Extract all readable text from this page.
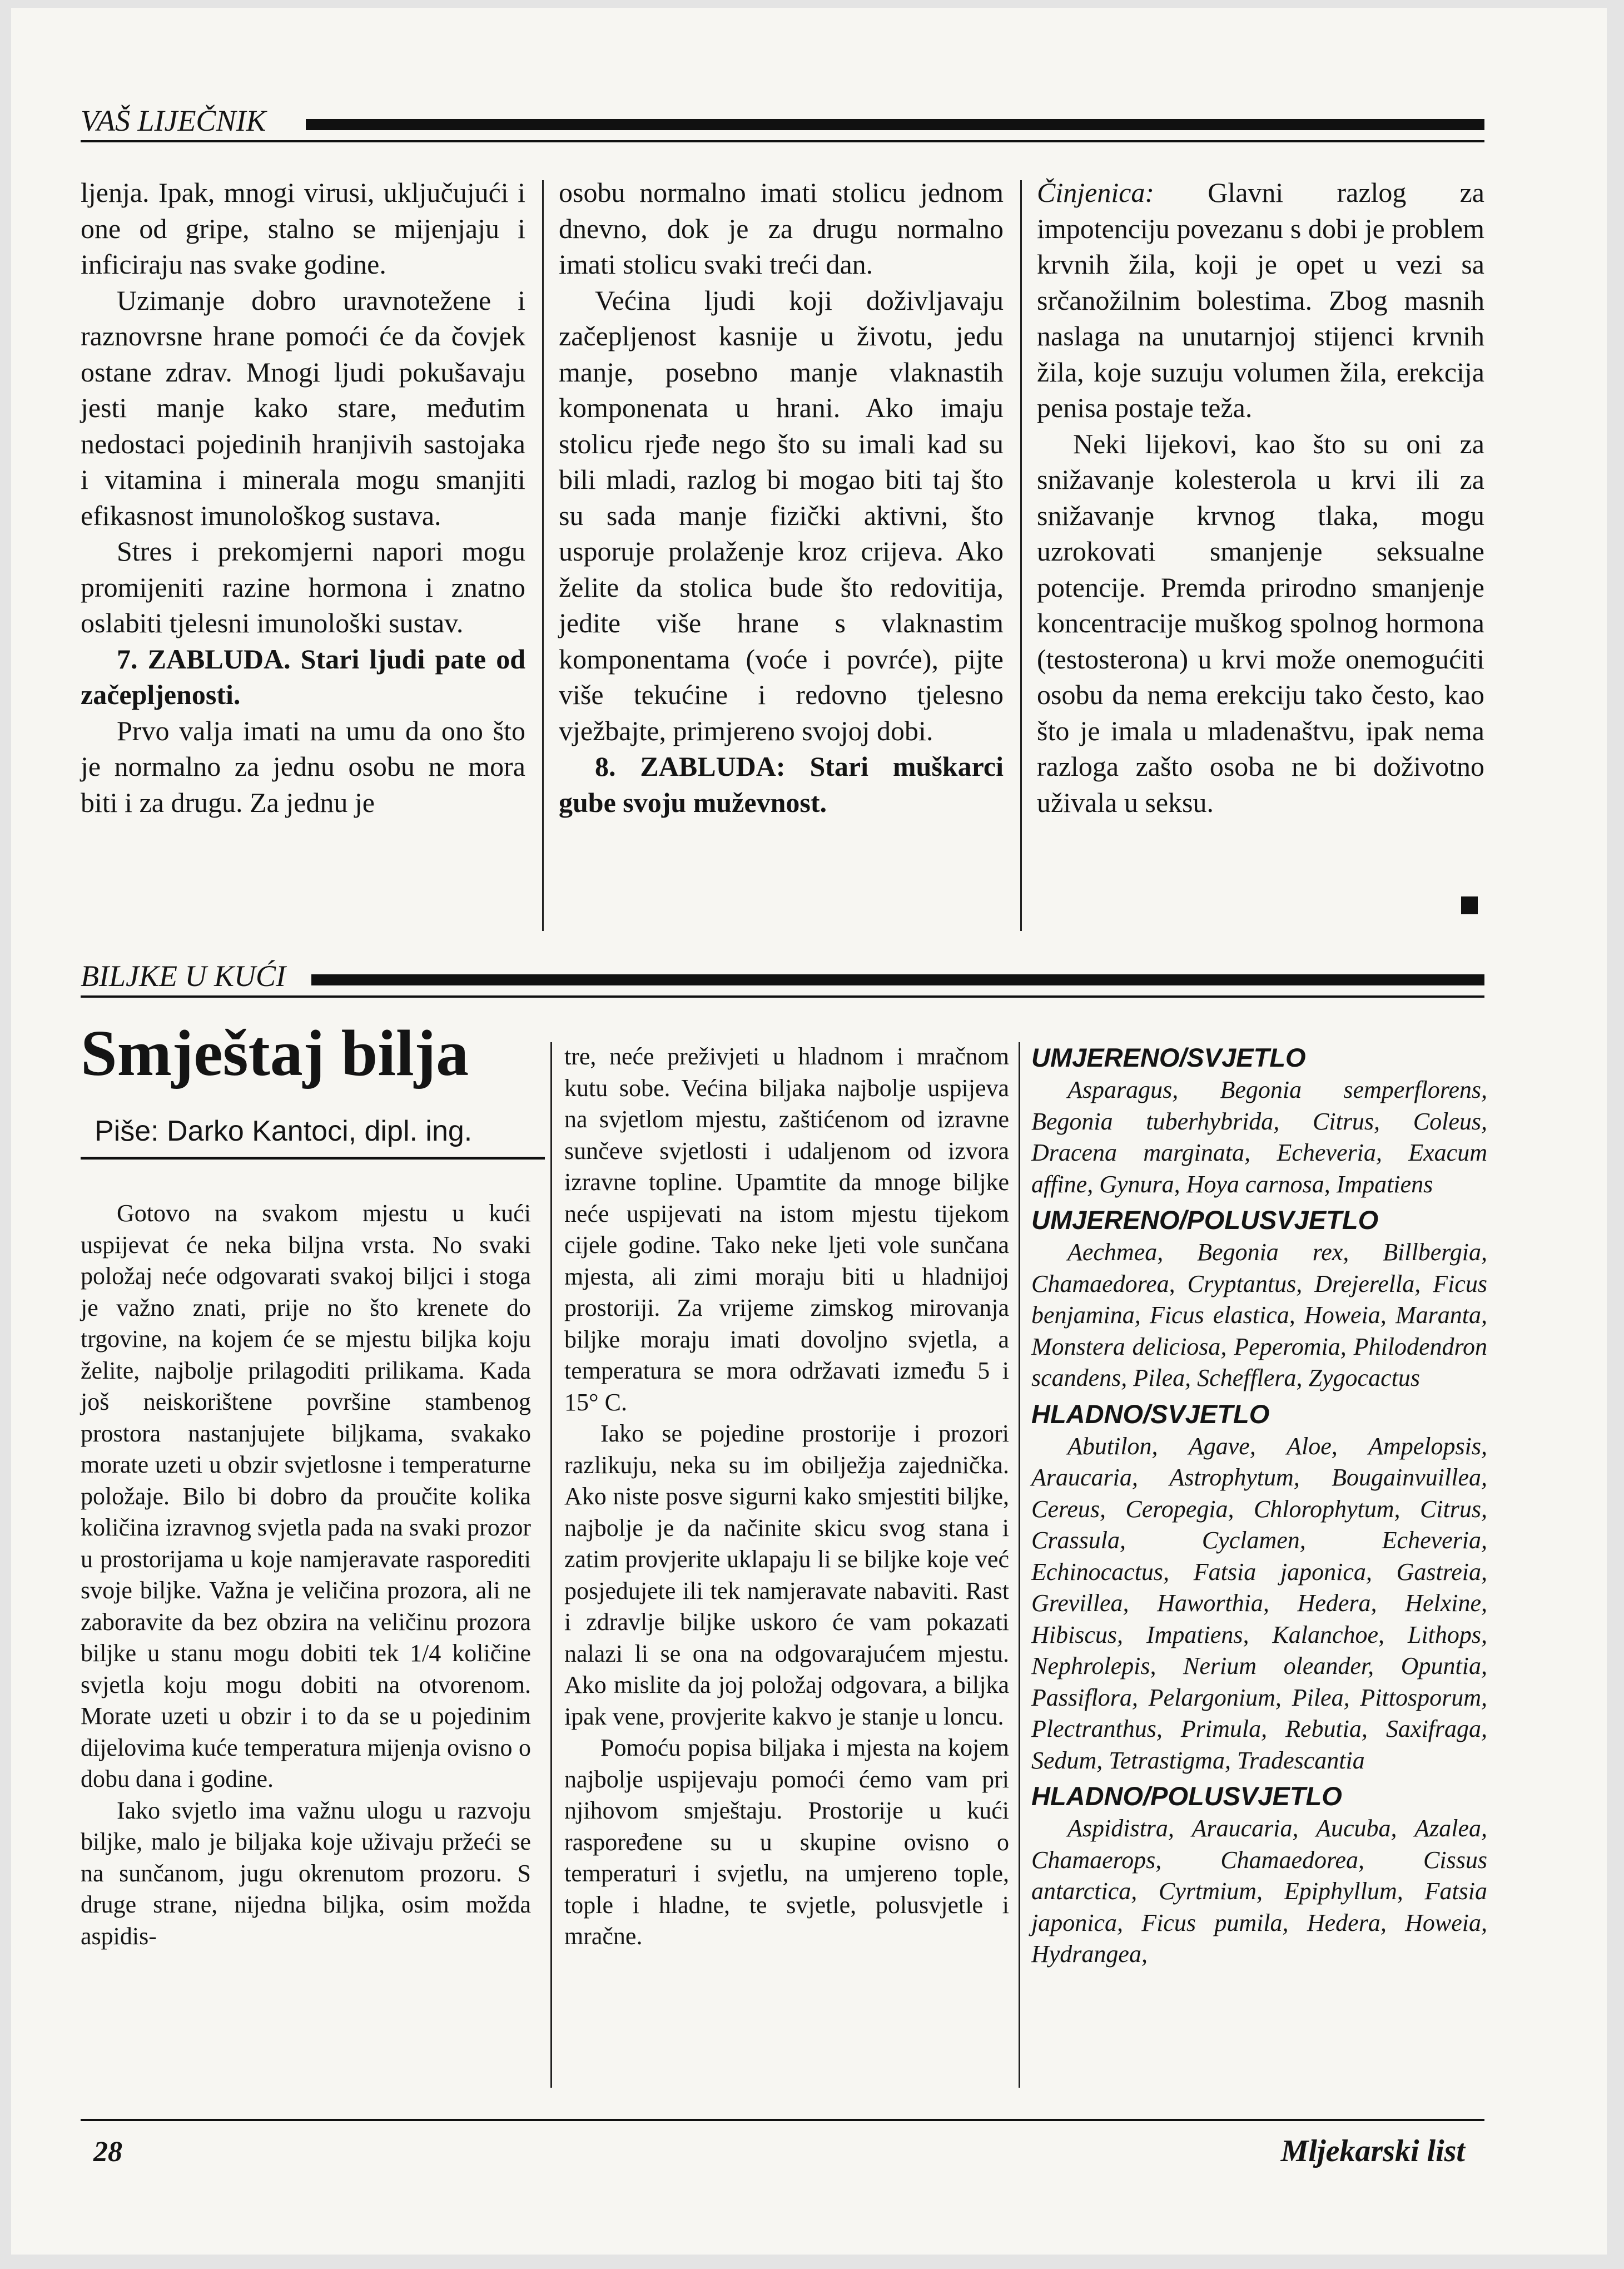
VAŠ LIJEČNIK

ljenja. Ipak, mnogi virusi, uključujući i one od gripe, stalno se mijenjaju i inficiraju nas svake godine.

Uzimanje dobro uravnotežene i raznovrsne hrane pomoći će da čovjek ostane zdrav. Mnogi ljudi pokušavaju jesti manje kako stare, međutim nedostaci pojedinih hranjivih sastojaka i vitamina i minerala mogu smanjiti efikasnost imunološkog sustava.

Stres i prekomjerni napori mogu promijeniti razine hormona i znatno oslabiti tjelesni imunološki sustav.

7. ZABLUDA. Stari ljudi pate od začepljenosti.

Prvo valja imati na umu da ono što je normalno za jednu osobu ne mora biti i za drugu. Za jednu je

osobu normalno imati stolicu jednom dnevno, dok je za drugu normalno imati stolicu svaki treći dan.

Većina ljudi koji doživljavaju začepljenost kasnije u životu, jedu manje, posebno manje vlaknastih komponenata u hrani. Ako imaju stolicu rjeđe nego što su imali kad su bili mladi, razlog bi mogao biti taj što su sada manje fizički aktivni, što usporuje prolaženje kroz crijeva. Ako želite da stolica bude što redovitija, jedite više hrane s vlaknastim komponentama (voće i povrće), pijte više tekućine i redovno tjelesno vježbajte, primjereno svojoj dobi.

8. ZABLUDA: Stari muškarci gube svoju muževnost.

Činjenica: Glavni razlog za impotenciju povezanu s dobi je problem krvnih žila, koji je opet u vezi sa srčanožilnim bolestima. Zbog masnih naslaga na unutarnjoj stijenci krvnih žila, koje suzuju volumen žila, erekcija penisa postaje teža.

Neki lijekovi, kao što su oni za snižavanje kolesterola u krvi ili za snižavanje krvnog tlaka, mogu uzrokovati smanjenje seksualne potencije. Premda prirodno smanjenje koncentracije muškog spolnog hormona (testosterona) u krvi može onemogućiti osobu da nema erekciju tako često, kao što je imala u mladenaštvu, ipak nema razloga zašto osoba ne bi doživotno uživala u seksu.

BILJKE U KUĆI
Smještaj bilja
Piše: Darko Kantoci, dipl. ing.

Gotovo na svakom mjestu u kući uspijevat će neka biljna vrsta. No svaki položaj neće odgovarati svakoj biljci i stoga je važno znati, prije no što krenete do trgovine, na kojem će se mjestu biljka koju želite, najbolje prilagoditi prilikama. Kada još neiskorištene površine stambenog prostora nastanjujete biljkama, svakako morate uzeti u obzir svjetlosne i temperaturne položaje. Bilo bi dobro da proučite kolika količina izravnog svjetla pada na svaki prozor u prostorijama u koje namjeravate rasporediti svoje biljke. Važna je veličina prozora, ali ne zaboravite da bez obzira na veličinu prozora biljke u stanu mogu dobiti tek 1/4 količine svjetla koju mogu dobiti na otvorenom. Morate uzeti u obzir i to da se u pojedinim dijelovima kuće temperatura mijenja ovisno o dobu dana i godine.

Iako svjetlo ima važnu ulogu u razvoju biljke, malo je biljaka koje uživaju pržeći se na sunčanom, jugu okrenutom prozoru. S druge strane, nijedna biljka, osim možda aspidis-

tre, neće preživjeti u hladnom i mračnom kutu sobe. Većina biljaka najbolje uspijeva na svjetlom mjestu, zaštićenom od izravne sunčeve svjetlosti i udaljenom od izvora izravne topline. Upamtite da mnoge biljke neće uspijevati na istom mjestu tijekom cijele godine. Tako neke ljeti vole sunčana mjesta, ali zimi moraju biti u hladnijoj prostoriji. Za vrijeme zimskog mirovanja biljke moraju imati dovoljno svjetla, a temperatura se mora održavati između 5 i 15° C.

Iako se pojedine prostorije i prozori razlikuju, neka su im obilježja zajednička. Ako niste posve sigurni kako smjestiti biljke, najbolje je da načinite skicu svog stana i zatim provjerite uklapaju li se biljke koje već posjedujete ili tek namjeravate nabaviti. Rast i zdravlje biljke uskoro će vam pokazati nalazi li se ona na odgovarajućem mjestu. Ako mislite da joj položaj odgovara, a biljka ipak vene, provjerite kakvo je stanje u loncu.

Pomoću popisa biljaka i mjesta na kojem najbolje uspijevaju pomoći ćemo vam pri njihovom smještaju. Prostorije u kući raspoređene su u skupine ovisno o temperaturi i svjetlu, na umjereno tople, tople i hladne, te svjetle, polusvjetle i mračne.

UMJERENO/SVJETLO

Asparagus, Begonia semperflorens, Begonia tuberhybrida, Citrus, Coleus, Dracena marginata, Echeveria, Exacum affine, Gynura, Hoya carnosa, Impatiens

UMJERENO/POLUSVJETLO

Aechmea, Begonia rex, Billbergia, Chamaedorea, Cryptantus, Drejerella, Ficus benjamina, Ficus elastica, Howeia, Maranta, Monstera deliciosa, Peperomia, Philodendron scandens, Pilea, Schefflera, Zygocactus

HLADNO/SVJETLO

Abutilon, Agave, Aloe, Ampelopsis, Araucaria, Astrophytum, Bougainvuillea, Cereus, Ceropegia, Chlorophytum, Citrus, Crassula, Cyclamen, Echeveria, Echinocactus, Fatsia japonica, Gastreia, Grevillea, Haworthia, Hedera, Helxine, Hibiscus, Impatiens, Kalanchoe, Lithops, Nephrolepis, Nerium oleander, Opuntia, Passiflora, Pelargonium, Pilea, Pittosporum, Plectranthus, Primula, Rebutia, Saxifraga, Sedum, Tetrastigma, Tradescantia

HLADNO/POLUSVJETLO

Aspidistra, Araucaria, Aucuba, Azalea, Chamaerops, Chamaedorea, Cissus antarctica, Cyrtmium, Epiphyllum, Fatsia japonica, Ficus pumila, Hedera, Howeia, Hydrangea,

28	Mljekarski list
